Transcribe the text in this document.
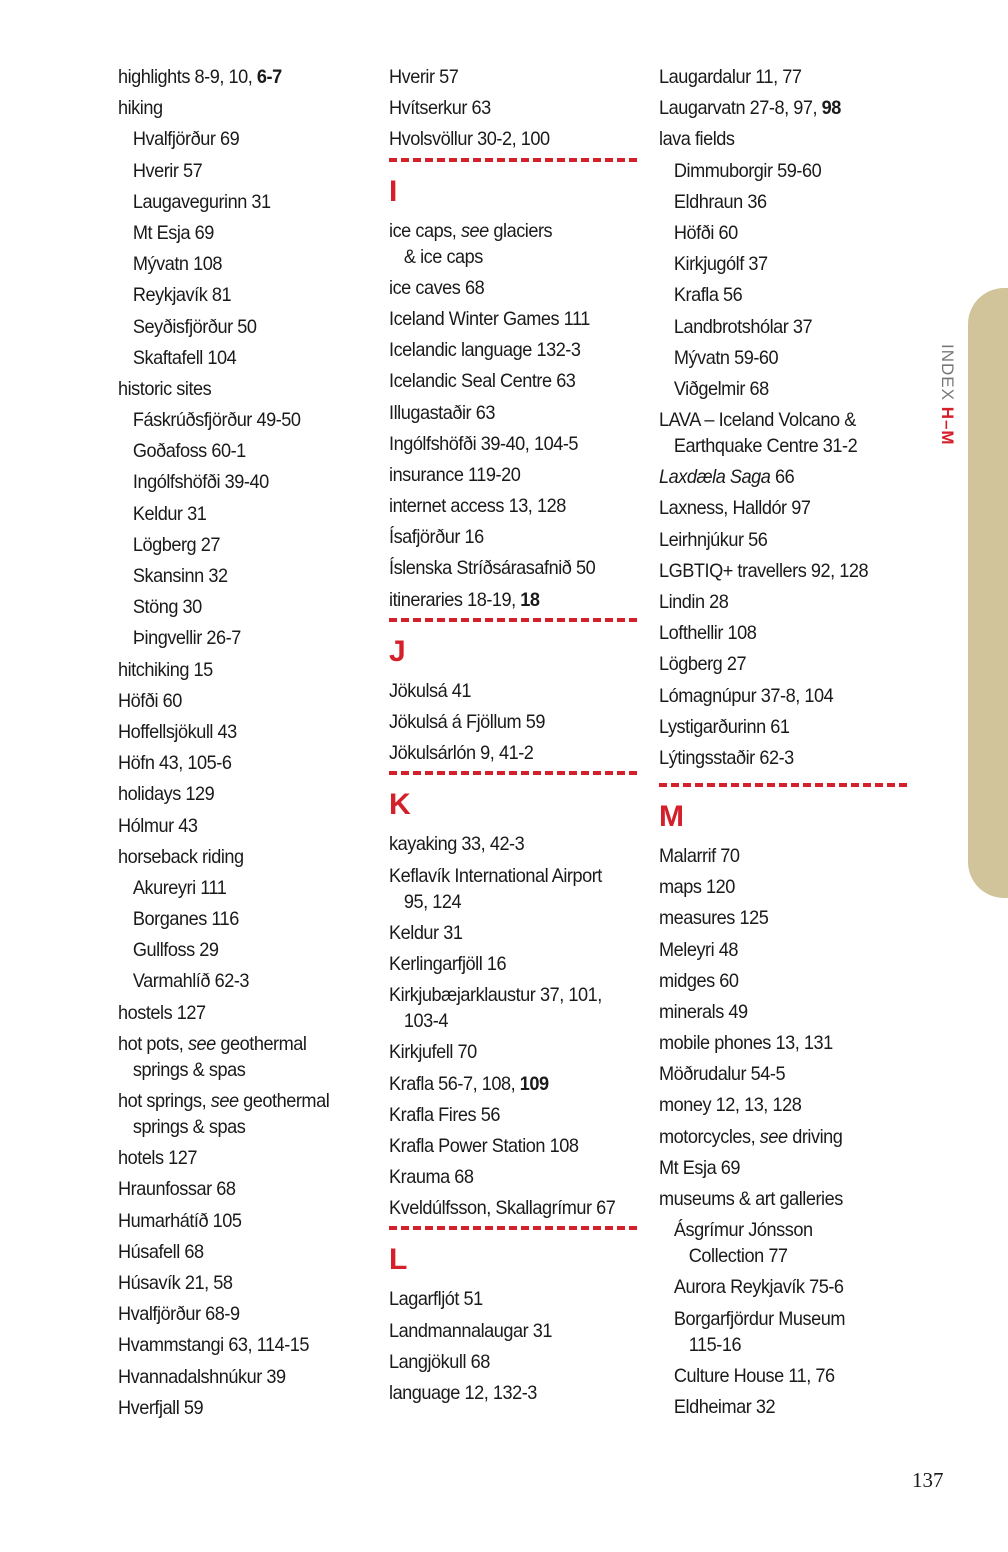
INDEX H–M
highlights 8-9, 10, 6-7
hiking
Hvalfjörður 69
Hverir 57
Laugavegurinn 31
Mt Esja 69
Mývatn 108
Reykjavík 81
Seyðisfjörður 50
Skaftafell 104
historic sites
Fáskrúðsfjörður 49-50
Goðafoss 60-1
Ingólfshöfði 39-40
Keldur 31
Lögberg 27
Skansinn 32
Stöng 30
Þingvellir 26-7
hitchiking 15
Höfði 60
Hoffellsjökull 43
Höfn 43, 105-6
holidays 129
Hólmur 43
horseback riding
Akureyri 111
Borganes 116
Gullfoss 29
Varmahlíð 62-3
hostels 127
hot pots, see geothermal
springs & spas
hot springs, see geothermal
springs & spas
hotels 127
Hraunfossar 68
Humarhátíð 105
Húsafell 68
Húsavík 21, 58
Hvalfjörður 68-9
Hvammstangi 63, 114-15
Hvannadalshnúkur 39
Hverfjall 59
Hverir 57
Hvítserkur 63
Hvolsvöllur 30-2, 100
I
ice caps, see glaciers
& ice caps
ice caves 68
Iceland Winter Games 111
Icelandic language 132-3
Icelandic Seal Centre 63
Illugastaðir 63
Ingólfshöfði 39-40, 104-5
insurance 119-20
internet access 13, 128
Ísafjörður 16
Íslenska Stríðsárasafnið 50
itineraries 18-19, 18
J
Jökulsá 41
Jökulsá á Fjöllum 59
Jökulsárlón 9, 41-2
K
kayaking 33, 42-3
Keflavík International Airport
95, 124
Keldur 31
Kerlingarfjöll 16
Kirkjubæjarklaustur 37, 101,
103-4
Kirkjufell 70
Krafla 56-7, 108, 109
Krafla Fires 56
Krafla Power Station 108
Krauma 68
Kveldúlfsson, Skallagrímur 67
L
Lagarfljót 51
Landmannalaugar 31
Langjökull 68
language 12, 132-3
Laugardalur 11, 77
Laugarvatn 27-8, 97, 98
lava fields
Dimmuborgir 59-60
Eldhraun 36
Höfði 60
Kirkjugólf 37
Krafla 56
Landbrotshólar 37
Mývatn 59-60
Viðgelmir 68
LAVA – Iceland Volcano &
Earthquake Centre 31-2
Laxdæla Saga 66
Laxness, Halldór 97
Leirhnjúkur 56
LGBTIQ+ travellers 92, 128
Lindin 28
Lofthellir 108
Lögberg 27
Lómagnúpur 37-8, 104
Lystigarðurinn 61
Lýtingsstaðir 62-3
M
Malarrif 70
maps 120
measures 125
Meleyri 48
midges 60
minerals 49
mobile phones 13, 131
Möðrudalur 54-5
money 12, 13, 128
motorcycles, see driving
Mt Esja 69
museums & art galleries
Ásgrímur Jónsson
Collection 77
Aurora Reykjavík 75-6
Borgarfjördur Museum
115-16
Culture House 11, 76
Eldheimar 32
137
